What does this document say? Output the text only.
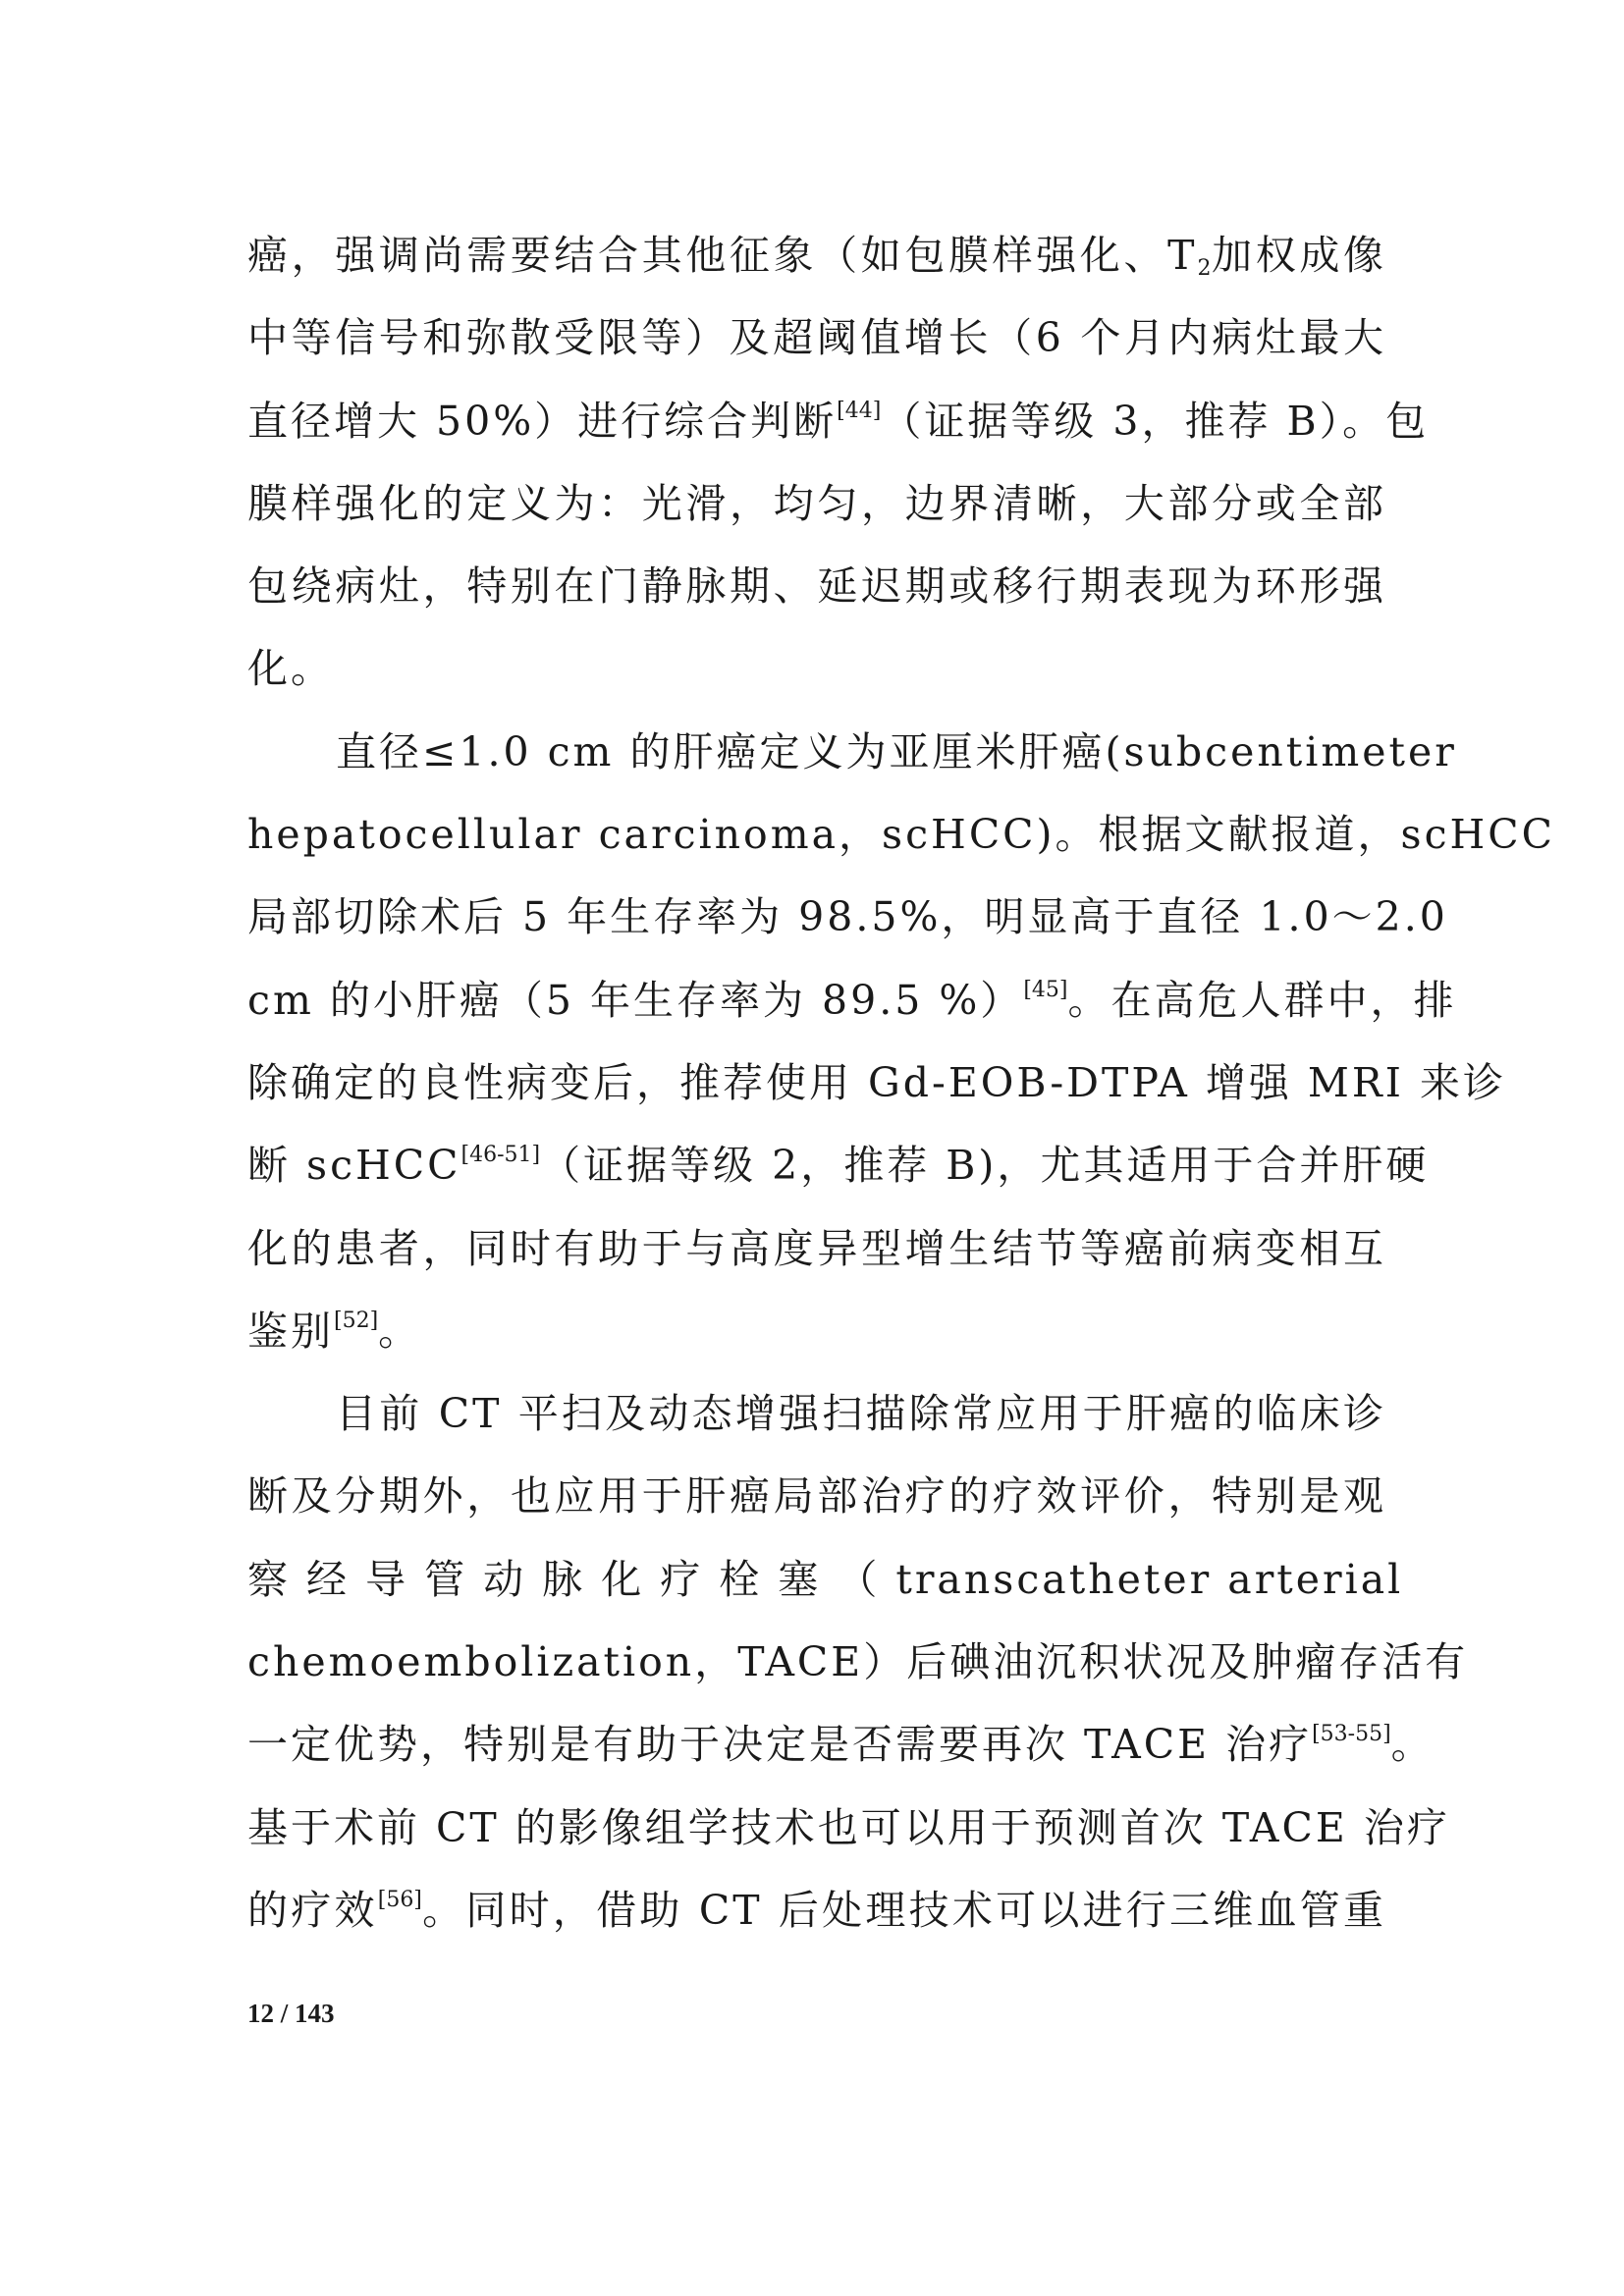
癌，强调尚需要结合其他征象（如包膜样强化、$T_2$加权成像
中等信号和弥散受限等）及超阈值增长（6 个月内病灶最大
直径增大 50%）进行综合判断[44]（证据等级 3，推荐 B）。包
膜样强化的定义为：光滑，均匀，边界清晰，大部分或全部
包绕病灶，特别在门静脉期、延迟期或移行期表现为环形强
化。
直径≤1.0 cm 的肝癌定义为亚厘米肝癌(subcentimeter
hepatocellular carcinoma，scHCC)。根据文献报道，scHCC
局部切除术后 5 年生存率为 98.5%，明显高于直径 1.0～2.0
cm 的小肝癌（5 年生存率为 89.5 %）[45]。在高危人群中，排
除确定的良性病变后，推荐使用 Gd-EOB-DTPA 增强 MRI 来诊
断 scHCC[46-51]（证据等级 2，推荐 B)，尤其适用于合并肝硬
化的患者，同时有助于与高度异型增生结节等癌前病变相互
鉴别[52]。
目前 CT 平扫及动态增强扫描除常应用于肝癌的临床诊
断及分期外，也应用于肝癌局部治疗的疗效评价，特别是观
察 经 导 管 动 脉 化 疗 栓 塞 （ transcatheter arterial
chemoembolization，TACE）后碘油沉积状况及肿瘤存活有
一定优势，特别是有助于决定是否需要再次 TACE 治疗[53-55]。
基于术前 CT 的影像组学技术也可以用于预测首次 TACE 治疗
的疗效[56]。同时，借助 CT 后处理技术可以进行三维血管重
12 / 143
